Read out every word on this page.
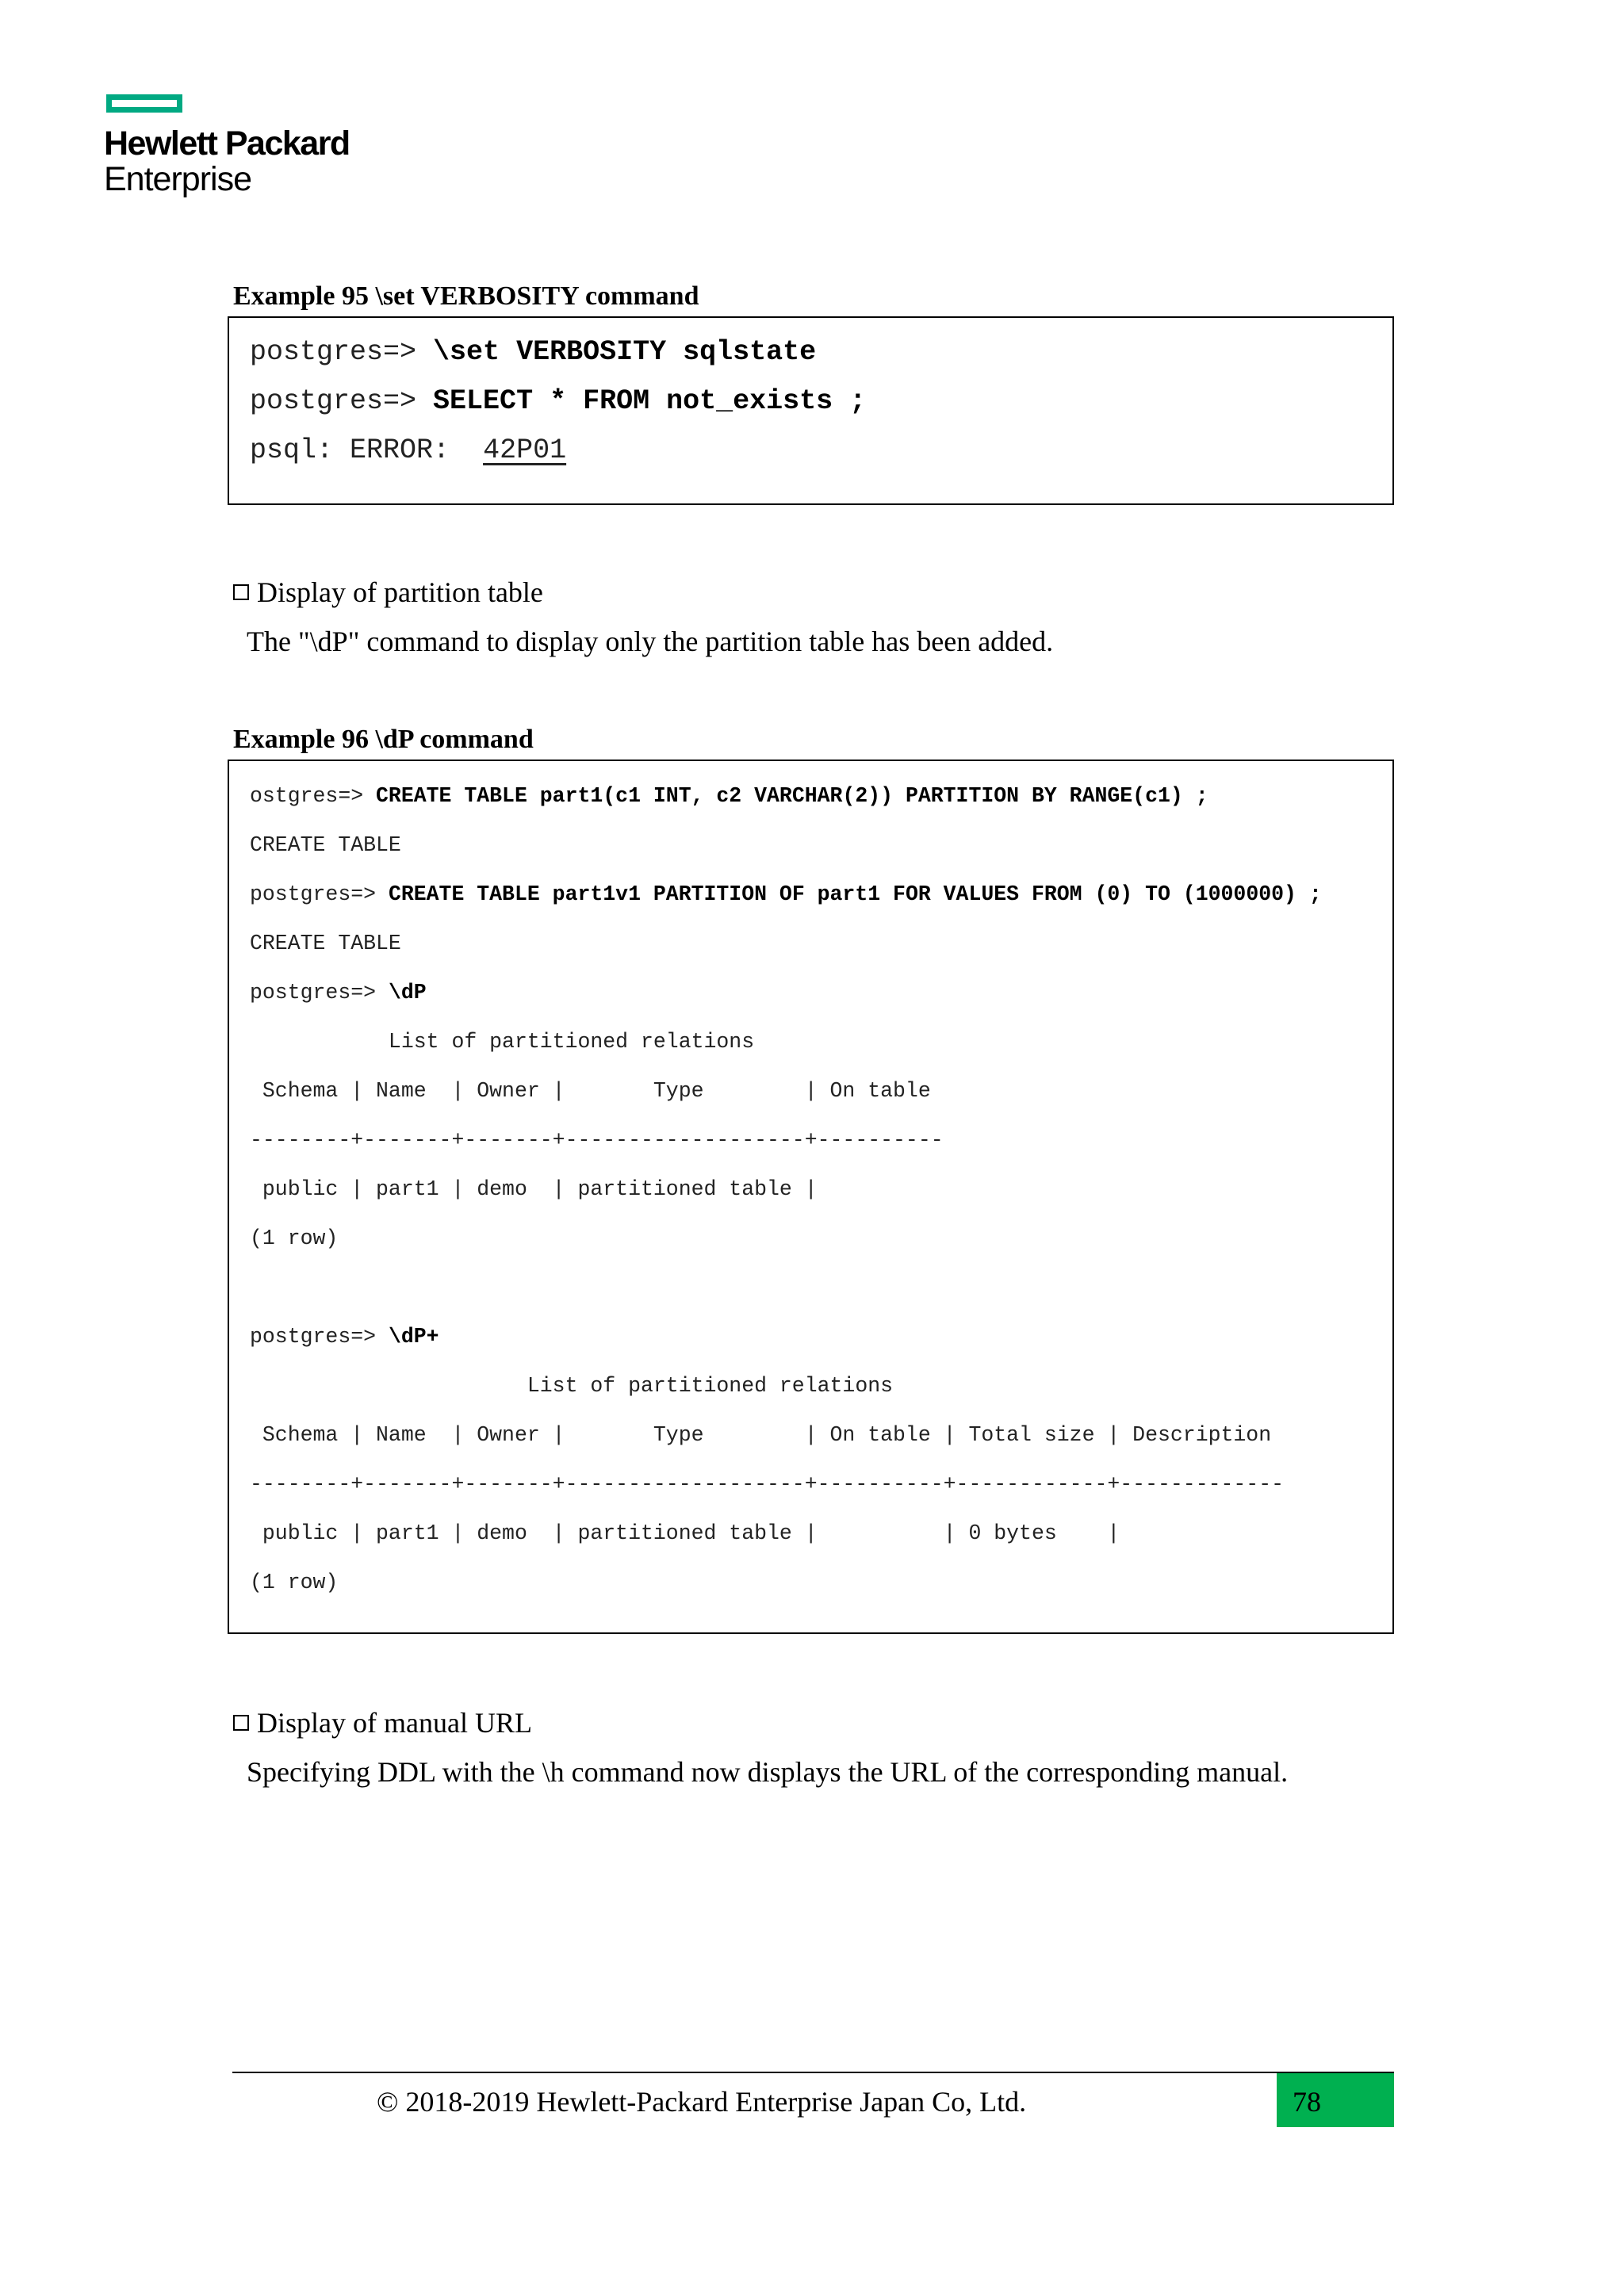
Hewlett Packard
Enterprise
Example 95 \set VERBOSITY command
postgres=> \set VERBOSITY sqlstate
postgres=> SELECT * FROM not_exists ;
psql: ERROR:  42P01
Display of partition table
The "\dP" command to display only the partition table has been added.
Example 96 \dP command
ostgres=> CREATE TABLE part1(c1 INT, c2 VARCHAR(2)) PARTITION BY RANGE(c1) ;
CREATE TABLE
postgres=> CREATE TABLE part1v1 PARTITION OF part1 FOR VALUES FROM (0) TO (1000000) ;
CREATE TABLE
postgres=> \dP
List of partitioned relations
Schema | Name  | Owner |       Type        | On table
--------+-------+-------+-------------------+----------
public | part1 | demo  | partitioned table |
(1 row)
postgres=> \dP+
List of partitioned relations
Schema | Name  | Owner |       Type        | On table | Total size | Description
--------+-------+-------+-------------------+----------+------------+-------------
public | part1 | demo  | partitioned table |          | 0 bytes    |
(1 row)
Display of manual URL
Specifying DDL with the \h command now displays the URL of the corresponding manual.
© 2018-2019 Hewlett-Packard Enterprise Japan Co, Ltd.	78
